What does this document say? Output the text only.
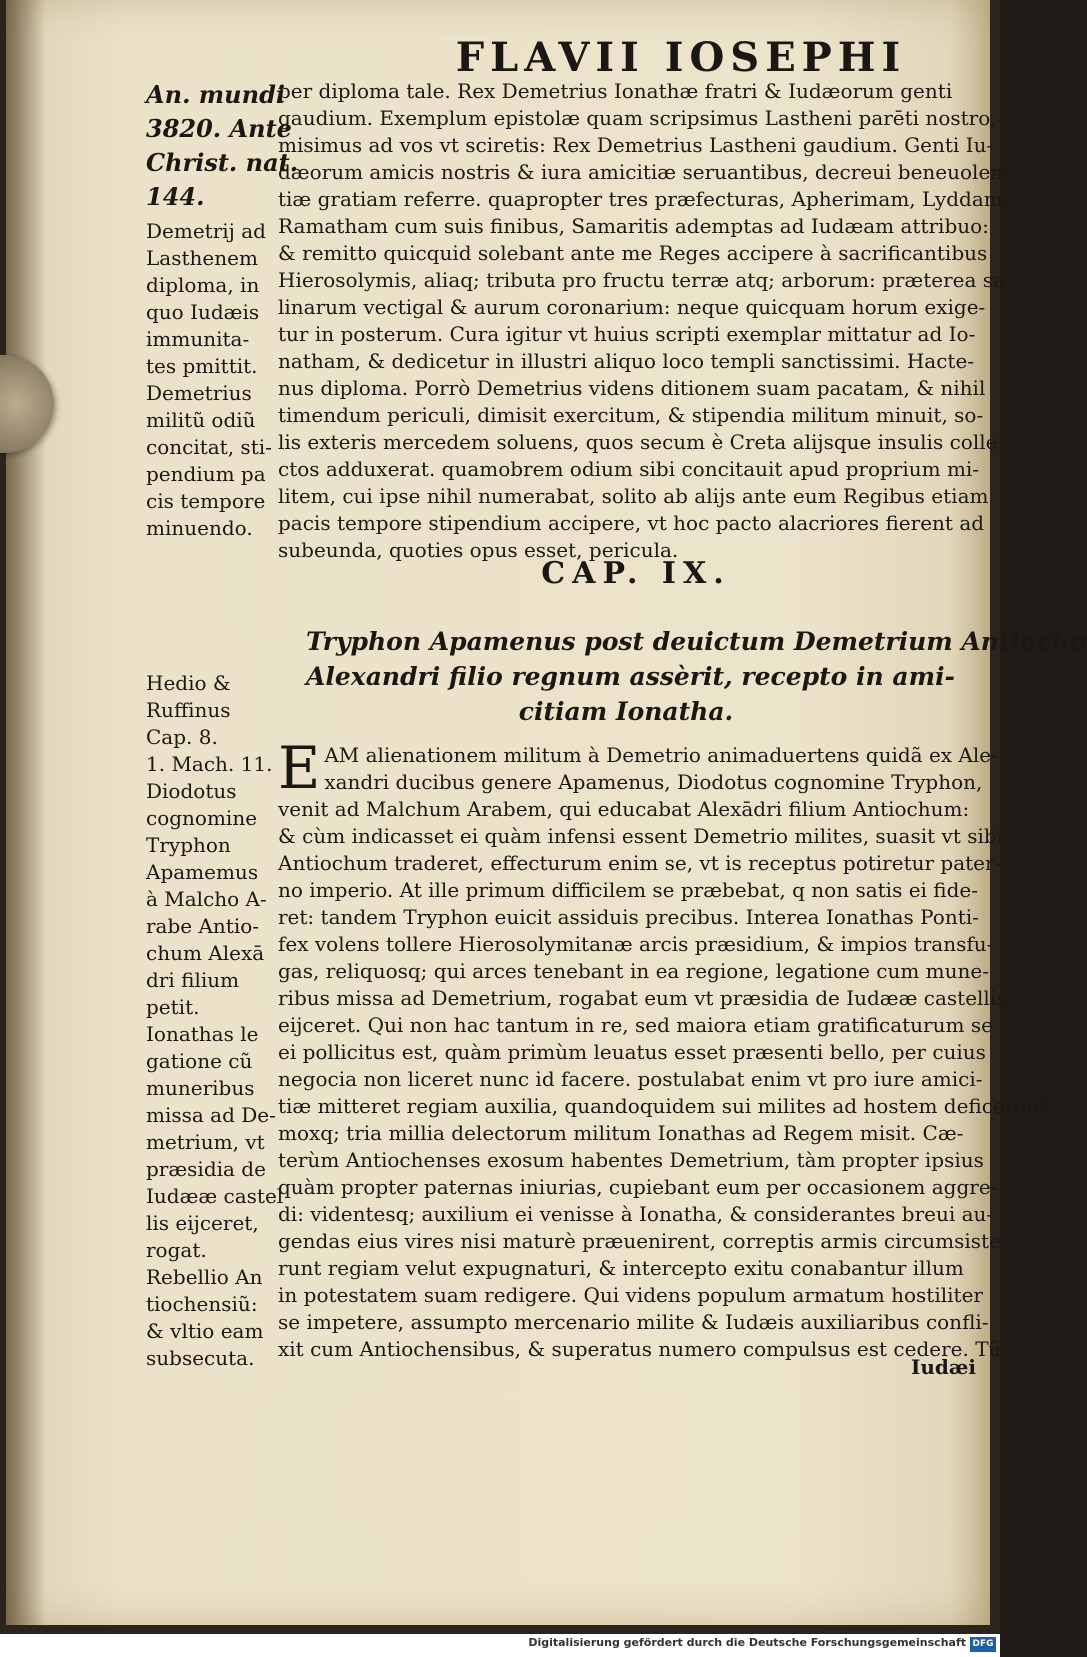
FLAVII IOSEPHI
An. mundi
3820. Ante
Christ. nat.
144.
Demetrij ad
Lasthenem
diploma, in
quo Iudæis
immunita-
tes pmittit.
Demetrius
militũ odiũ
concitat, sti-
pendium pa
cis tempore
minuendo.
per diploma tale. Rex Demetrius Ionathæ fratri & Iudæorum genti
gaudium. Exemplum epistolæ quam scripsimus Lastheni parēti nostro,
misimus ad vos vt sciretis: Rex Demetrius Lastheni gaudium. Genti Iu-
dæorum amicis nostris & iura amicitiæ seruantibus, decreui beneuolen-
tiæ gratiam referre. quapropter tres præfecturas, Apherimam, Lyddam,
Ramatham cum suis finibus, Samaritis ademptas ad Iudæam attribuo:
& remitto quicquid solebant ante me Reges accipere à sacrificantibus
Hierosolymis, aliaq; tributa pro fructu terræ atq; arborum: præterea sa-
linarum vectigal & aurum coronarium: neque quicquam horum exige-
tur in posterum. Cura igitur vt huius scripti exemplar mittatur ad Io-
natham, & dedicetur in illustri aliquo loco templi sanctissimi. Hacte-
nus diploma. Porrò Demetrius videns ditionem suam pacatam, & nihil
timendum periculi, dimisit exercitum, & stipendia militum minuit, so-
lis exteris mercedem soluens, quos secum è Creta alijsque insulis colle-
ctos adduxerat. quamobrem odium sibi concitauit apud proprium mi-
litem, cui ipse nihil numerabat, solito ab alijs ante eum Regibus etiam
pacis tempore stipendium accipere, vt hoc pacto alacriores fierent ad
subeunda, quoties opus esset, pericula.
CAP. IX.
Tryphon Apamenus post deuictum Demetrium Antiocho
Alexandri filio regnum assèrit, recepto in ami-
citiam Ionatha.
Hedio &
Ruffinus
Cap. 8.
1. Mach. 11.
Diodotus
cognomine
Tryphon
Apamemus
à Malcho A-
rabe Antio-
chum Alexā
dri filium
petit.
Ionathas le
gatione cũ
muneribus
missa ad De-
metrium, vt
præsidia de
Iudææ castel
lis eijceret,
rogat.
Rebellio An
tiochensiũ:
& vltio eam
subsecuta.
E AM alienationem militum à Demetrio animaduertens quidã ex Ale-
xandri ducibus genere Apamenus, Diodotus cognomine Tryphon,
venit ad Malchum Arabem, qui educabat Alexādri filium Antiochum:
& cùm indicasset ei quàm infensi essent Demetrio milites, suasit vt sibi
Antiochum traderet, effecturum enim se, vt is receptus potiretur pater-
no imperio. At ille primum difficilem se præbebat, q non satis ei fide-
ret: tandem Tryphon euicit assiduis precibus. Interea Ionathas Ponti-
fex volens tollere Hierosolymitanæ arcis præsidium, & impios transfu-
gas, reliquosq; qui arces tenebant in ea regione, legatione cum mune-
ribus missa ad Demetrium, rogabat eum vt præsidia de Iudææ castellis
eijceret. Qui non hac tantum in re, sed maiora etiam gratificaturum se
ei pollicitus est, quàm primùm leuatus esset præsenti bello, per cuius
negocia non liceret nunc id facere. postulabat enim vt pro iure amici-
tiæ mitteret regiam auxilia, quandoquidem sui milites ad hostem deficerent:
moxq; tria millia delectorum militum Ionathas ad Regem misit. Cæ-
terùm Antiochenses exosum habentes Demetrium, tàm propter ipsius
quàm propter paternas iniurias, cupiebant eum per occasionem aggre-
di: videntesq; auxilium ei venisse à Ionatha, & considerantes breui au-
gendas eius vires nisi maturè præuenirent, correptis armis circumsiste-
runt regiam velut expugnaturi, & intercepto exitu conabantur illum
in potestatem suam redigere. Qui videns populum armatum hostiliter
se impetere, assumpto mercenario milite & Iudæis auxiliaribus confli-
xit cum Antiochensibus, & superatus numero compulsus est cedere. Tũ
Iudæi
Digitalisierung gefördert durch die Deutsche Forschungsgemeinschaft DFG
